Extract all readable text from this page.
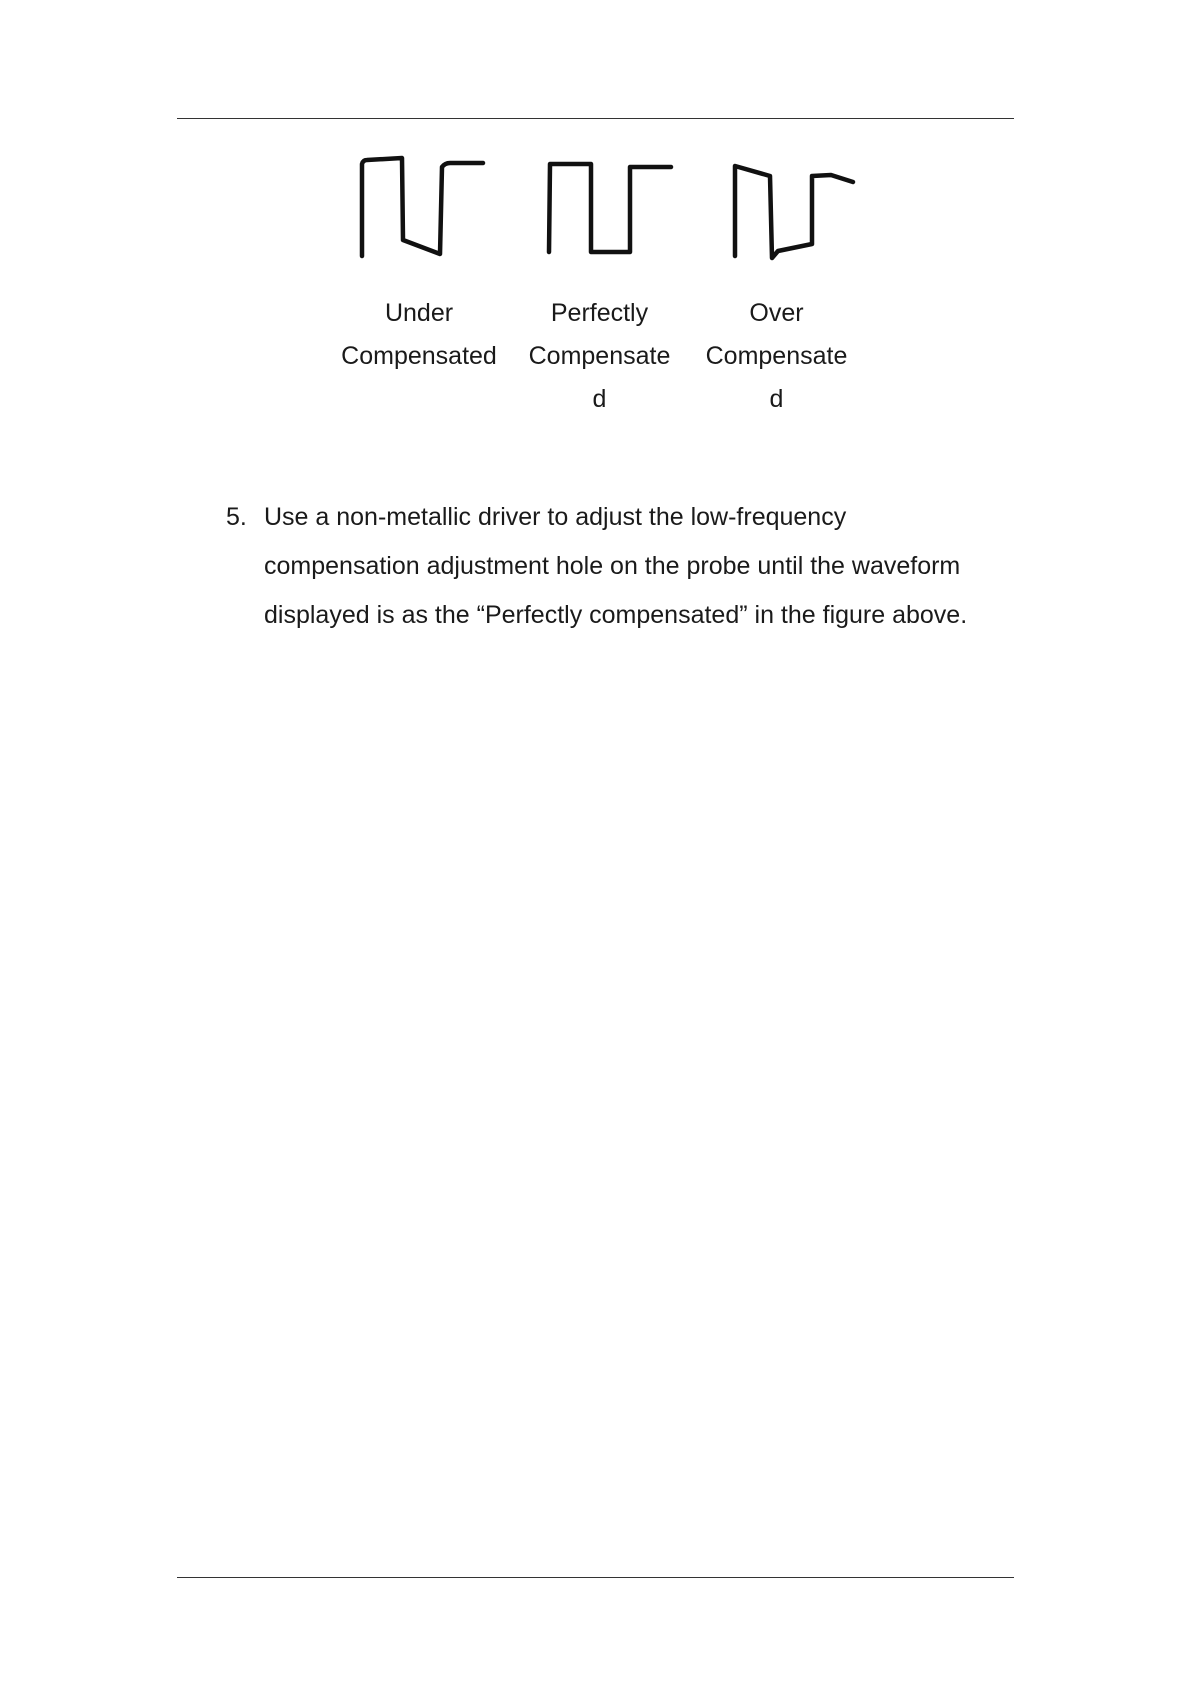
Under
Compensated
Perfectly
Compensate
d
Over
Compensate
d
5. Use a non-metallic driver to adjust the low-frequency
compensation adjustment hole on the probe until the waveform
displayed is as the “Perfectly compensated” in the figure above.
